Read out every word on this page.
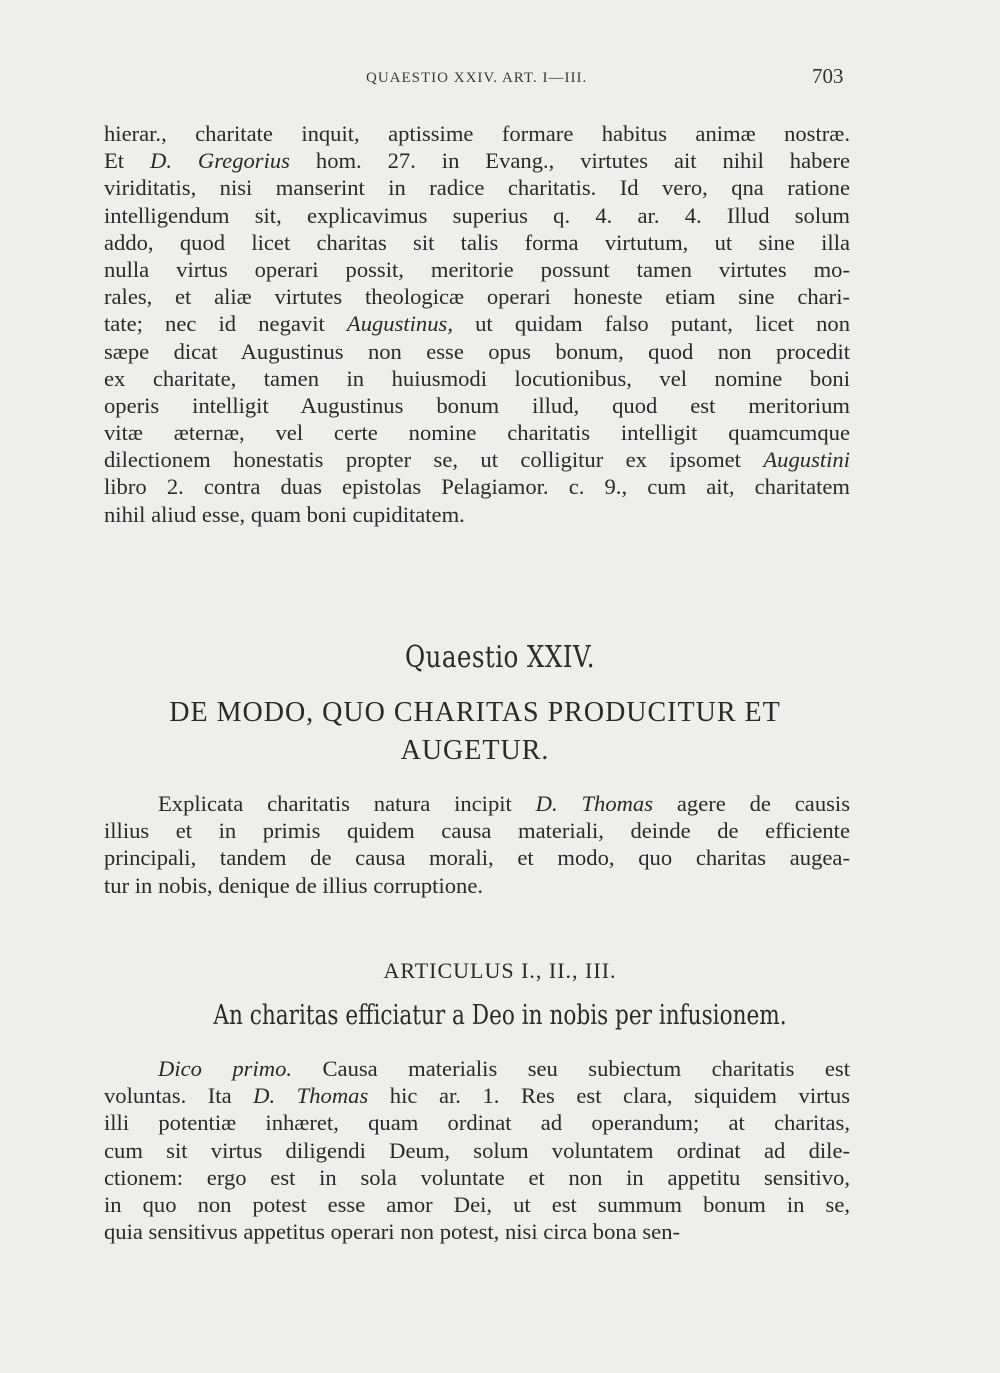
QUAESTIO XXIV. ART. I—III.	703
hierar., charitate inquit, aptissime formare habitus animæ nostræ.
Et D. Gregorius hom. 27. in Evang., virtutes ait nihil habere
viriditatis, nisi manserint in radice charitatis. Id vero, qna ratione
intelligendum sit, explicavimus superius q. 4. ar. 4. Illud solum
addo, quod licet charitas sit talis forma virtutum, ut sine illa
nulla virtus operari possit, meritorie possunt tamen virtutes mo-
rales, et aliæ virtutes theologicæ operari honeste etiam sine chari-
tate; nec id negavit Augustinus, ut quidam falso putant, licet non
sæpe dicat Augustinus non esse opus bonum, quod non procedit
ex charitate, tamen in huiusmodi locutionibus, vel nomine boni
operis intelligit Augustinus bonum illud, quod est meritorium
vitæ æternæ, vel certe nomine charitatis intelligit quamcumque
dilectionem honestatis propter se, ut colligitur ex ipsomet Augustini
libro 2. contra duas epistolas Pelagiamor. c. 9., cum ait, charitatem
nihil aliud esse, quam boni cupiditatem.
Quaestio XXIV.
DE MODO, QUO CHARITAS PRODUCITUR ET
AUGETUR.
Explicata charitatis natura incipit D. Thomas agere de causis
illius et in primis quidem causa materiali, deinde de efficiente
principali, tandem de causa morali, et modo, quo charitas augea-
tur in nobis, denique de illius corruptione.
ARTICULUS I., II., III.
An charitas efficiatur a Deo in nobis per infusionem.
Dico primo. Causa materialis seu subiectum charitatis est
voluntas. Ita D. Thomas hic ar. 1. Res est clara, siquidem virtus
illi potentiæ inhæret, quam ordinat ad operandum; at charitas,
cum sit virtus diligendi Deum, solum voluntatem ordinat ad dile-
ctionem: ergo est in sola voluntate et non in appetitu sensitivo,
in quo non potest esse amor Dei, ut est summum bonum in se,
quia sensitivus appetitus operari non potest, nisi circa bona sen-
